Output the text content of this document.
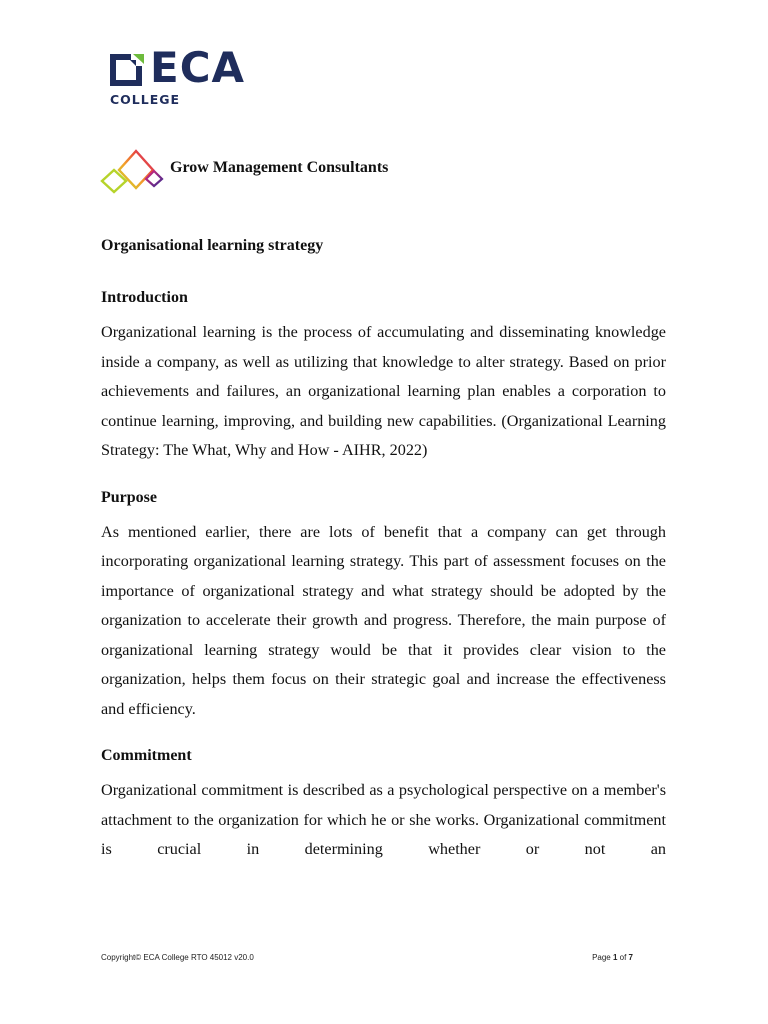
ECA
COLLEGE
Grow Management Consultants
Organisational learning strategy
Introduction

Organizational learning is the process of accumulating and disseminating knowledge inside a company, as well as utilizing that knowledge to alter strategy. Based on prior achievements and failures, an organizational learning plan enables a corporation to continue learning, improving, and building new capabilities. (Organizational Learning Strategy: The What, Why and How - AIHR, 2022)

Purpose

As mentioned earlier, there are lots of benefit that a company can get through incorporating organizational learning strategy. This part of assessment focuses on the importance of organizational strategy and what strategy should be adopted by the organization to accelerate their growth and progress. Therefore, the main purpose of organizational learning strategy would be that it provides clear vision to the organization, helps them focus on their strategic goal and increase the effectiveness and efficiency.

Commitment

Organizational commitment is described as a psychological perspective on a member's attachment to the organization for which he or she works. Organizational commitment is crucial in determining whether or not an

Copyright© ECA College RTO 45012 v20.0	Page 1 of 7
